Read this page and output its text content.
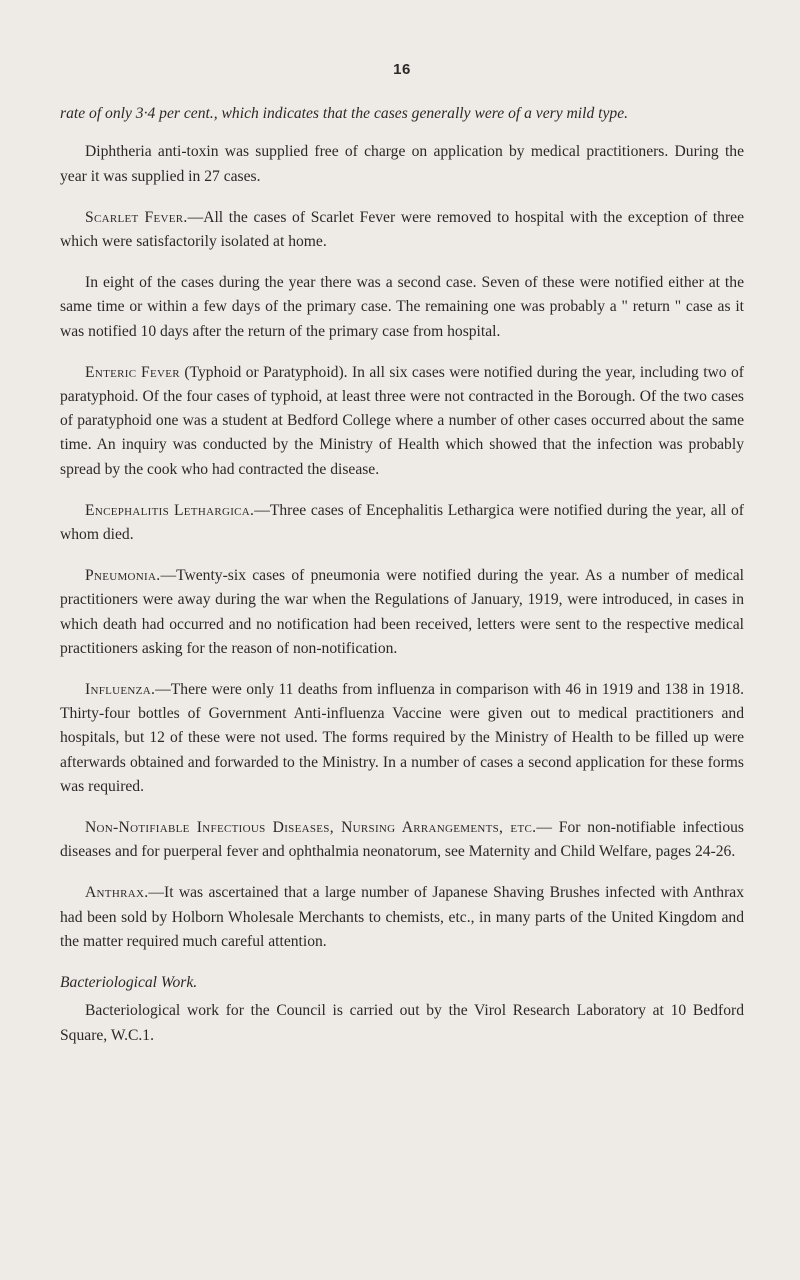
16

rate of only 3·4 per cent., which indicates that the cases generally were of a very mild type.

Diphtheria anti-toxin was supplied free of charge on application by medical practitioners. During the year it was supplied in 27 cases.

Scarlet Fever.—All the cases of Scarlet Fever were removed to hospital with the exception of three which were satisfactorily isolated at home.

In eight of the cases during the year there was a second case. Seven of these were notified either at the same time or within a few days of the primary case. The remaining one was probably a " return " case as it was notified 10 days after the return of the primary case from hospital.

Enteric Fever (Typhoid or Paratyphoid). In all six cases were notified during the year, including two of paratyphoid. Of the four cases of typhoid, at least three were not contracted in the Borough. Of the two cases of paratyphoid one was a student at Bedford College where a number of other cases occurred about the same time. An inquiry was conducted by the Ministry of Health which showed that the infection was probably spread by the cook who had contracted the disease.

Encephalitis Lethargica.—Three cases of Encephalitis Lethargica were notified during the year, all of whom died.

Pneumonia.—Twenty-six cases of pneumonia were notified during the year. As a number of medical practitioners were away during the war when the Regulations of January, 1919, were introduced, in cases in which death had occurred and no notification had been received, letters were sent to the respective medical practitioners asking for the reason of non-notification.

Influenza.—There were only 11 deaths from influenza in comparison with 46 in 1919 and 138 in 1918. Thirty-four bottles of Government Anti-influenza Vaccine were given out to medical practitioners and hospitals, but 12 of these were not used. The forms required by the Ministry of Health to be filled up were afterwards obtained and forwarded to the Ministry. In a number of cases a second application for these forms was required.

Non-Notifiable Infectious Diseases, Nursing Arrangements, etc.— For non-notifiable infectious diseases and for puerperal fever and ophthalmia neonatorum, see Maternity and Child Welfare, pages 24-26.

Anthrax.—It was ascertained that a large number of Japanese Shaving Brushes infected with Anthrax had been sold by Holborn Wholesale Merchants to chemists, etc., in many parts of the United Kingdom and the matter required much careful attention.

Bacteriological Work.

Bacteriological work for the Council is carried out by the Virol Research Laboratory at 10 Bedford Square, W.C.1.
